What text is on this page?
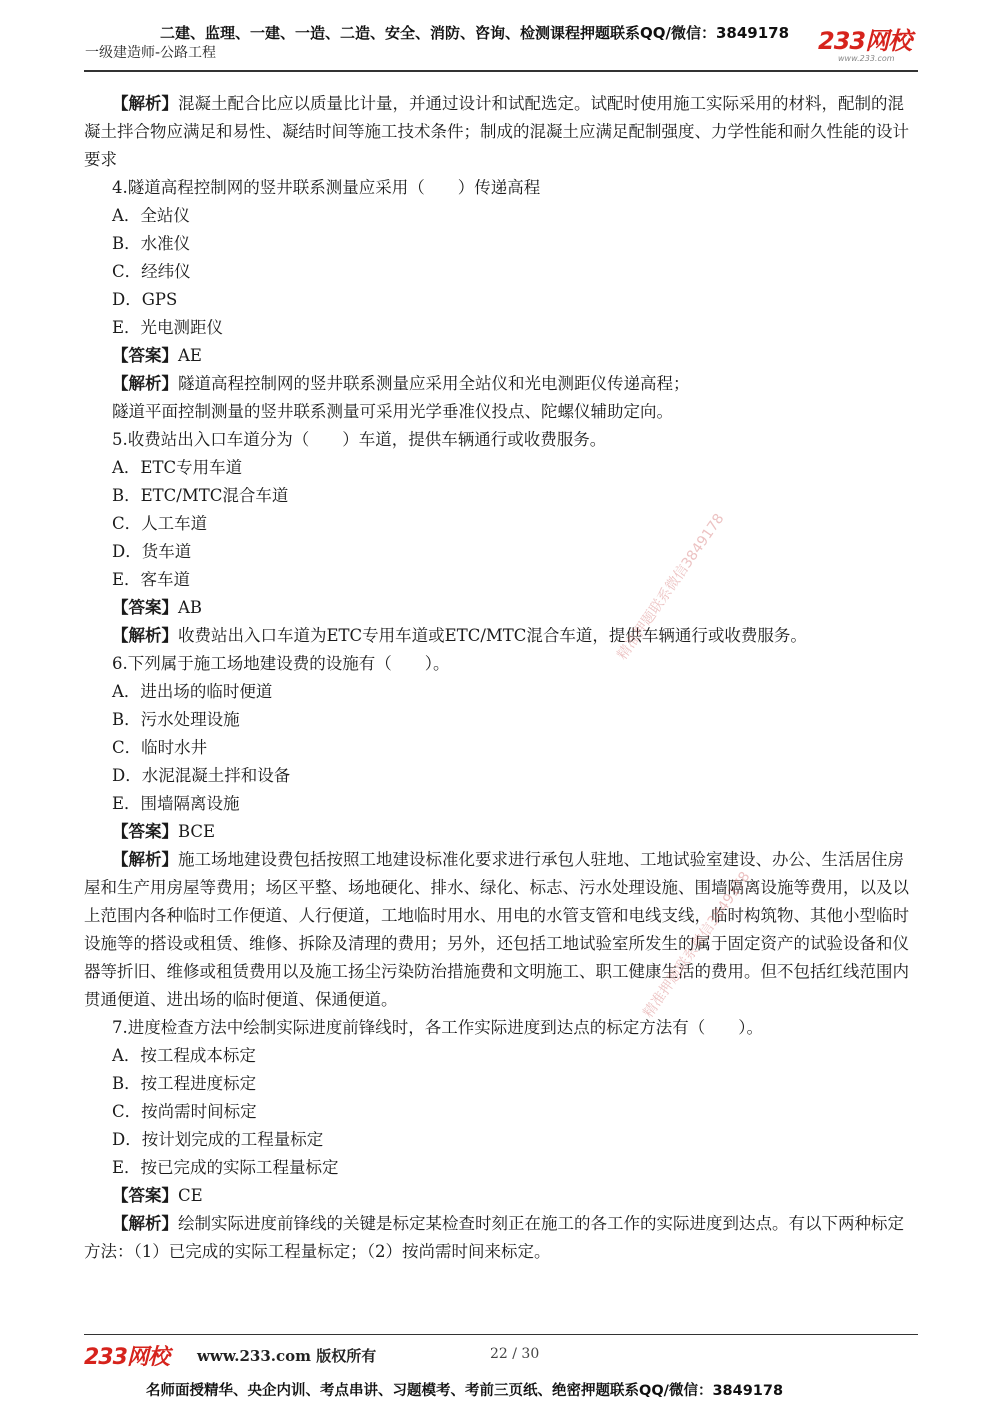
二建、监理、一建、一造、二造、安全、消防、咨询、检测课程押题联系QQ/微信：3849178
一级建造师-公路工程	233网校
www.233.com
【解析】混凝土配合比应以质量比计量，并通过设计和试配选定。试配时使用施工实际采用的材料，配制的混凝土拌合物应满足和易性、凝结时间等施工技术条件；制成的混凝土应满足配制强度、力学性能和耐久性能的设计要求
4.隧道高程控制网的竖井联系测量应采用（　　）传递高程
A．全站仪
B．水准仪
C．经纬仪
D．GPS
E．光电测距仪
【答案】AE
【解析】隧道高程控制网的竖井联系测量应采用全站仪和光电测距仪传递高程；
隧道平面控制测量的竖井联系测量可采用光学垂准仪投点、陀螺仪辅助定向。
5.收费站出入口车道分为（　　）车道，提供车辆通行或收费服务。
A．ETC专用车道
B．ETC/MTC混合车道
C．人工车道
D．货车道
E．客车道
【答案】AB
【解析】收费站出入口车道为ETC专用车道或ETC/MTC混合车道，提供车辆通行或收费服务。
6.下列属于施工场地建设费的设施有（　　）。
A．进出场的临时便道
B．污水处理设施
C．临时水井
D．水泥混凝土拌和设备
E．围墙隔离设施
【答案】BCE
【解析】施工场地建设费包括按照工地建设标准化要求进行承包人驻地、工地试验室建设、办公、生活居住房屋和生产用房屋等费用；场区平整、场地硬化、排水、绿化、标志、污水处理设施、围墙隔离设施等费用，以及以上范围内各种临时工作便道、人行便道，工地临时用水、用电的水管支管和电线支线，临时构筑物、其他小型临时设施等的搭设或租赁、维修、拆除及清理的费用；另外，还包括工地试验室所发生的属于固定资产的试验设备和仪器等折旧、维修或租赁费用以及施工扬尘污染防治措施费和文明施工、职工健康生活的费用。但不包括红线范围内贯通便道、进出场的临时便道、保通便道。
7.进度检查方法中绘制实际进度前锋线时，各工作实际进度到达点的标定方法有（　　）。
A．按工程成本标定
B．按工程进度标定
C．按尚需时间标定
D．按计划完成的工程量标定
E．按已完成的实际工程量标定
【答案】CE
【解析】绘制实际进度前锋线的关键是标定某检查时刻正在施工的各工作的实际进度到达点。有以下两种标定方法：（1）已完成的实际工程量标定；（2）按尚需时间来标定。
精准押题联系微信3849178
精准押题联系微信3849178
233网校 www.233.com 版权所有	22 / 30
名师面授精华、央企内训、考点串讲、习题模考、考前三页纸、绝密押题联系QQ/微信：3849178
